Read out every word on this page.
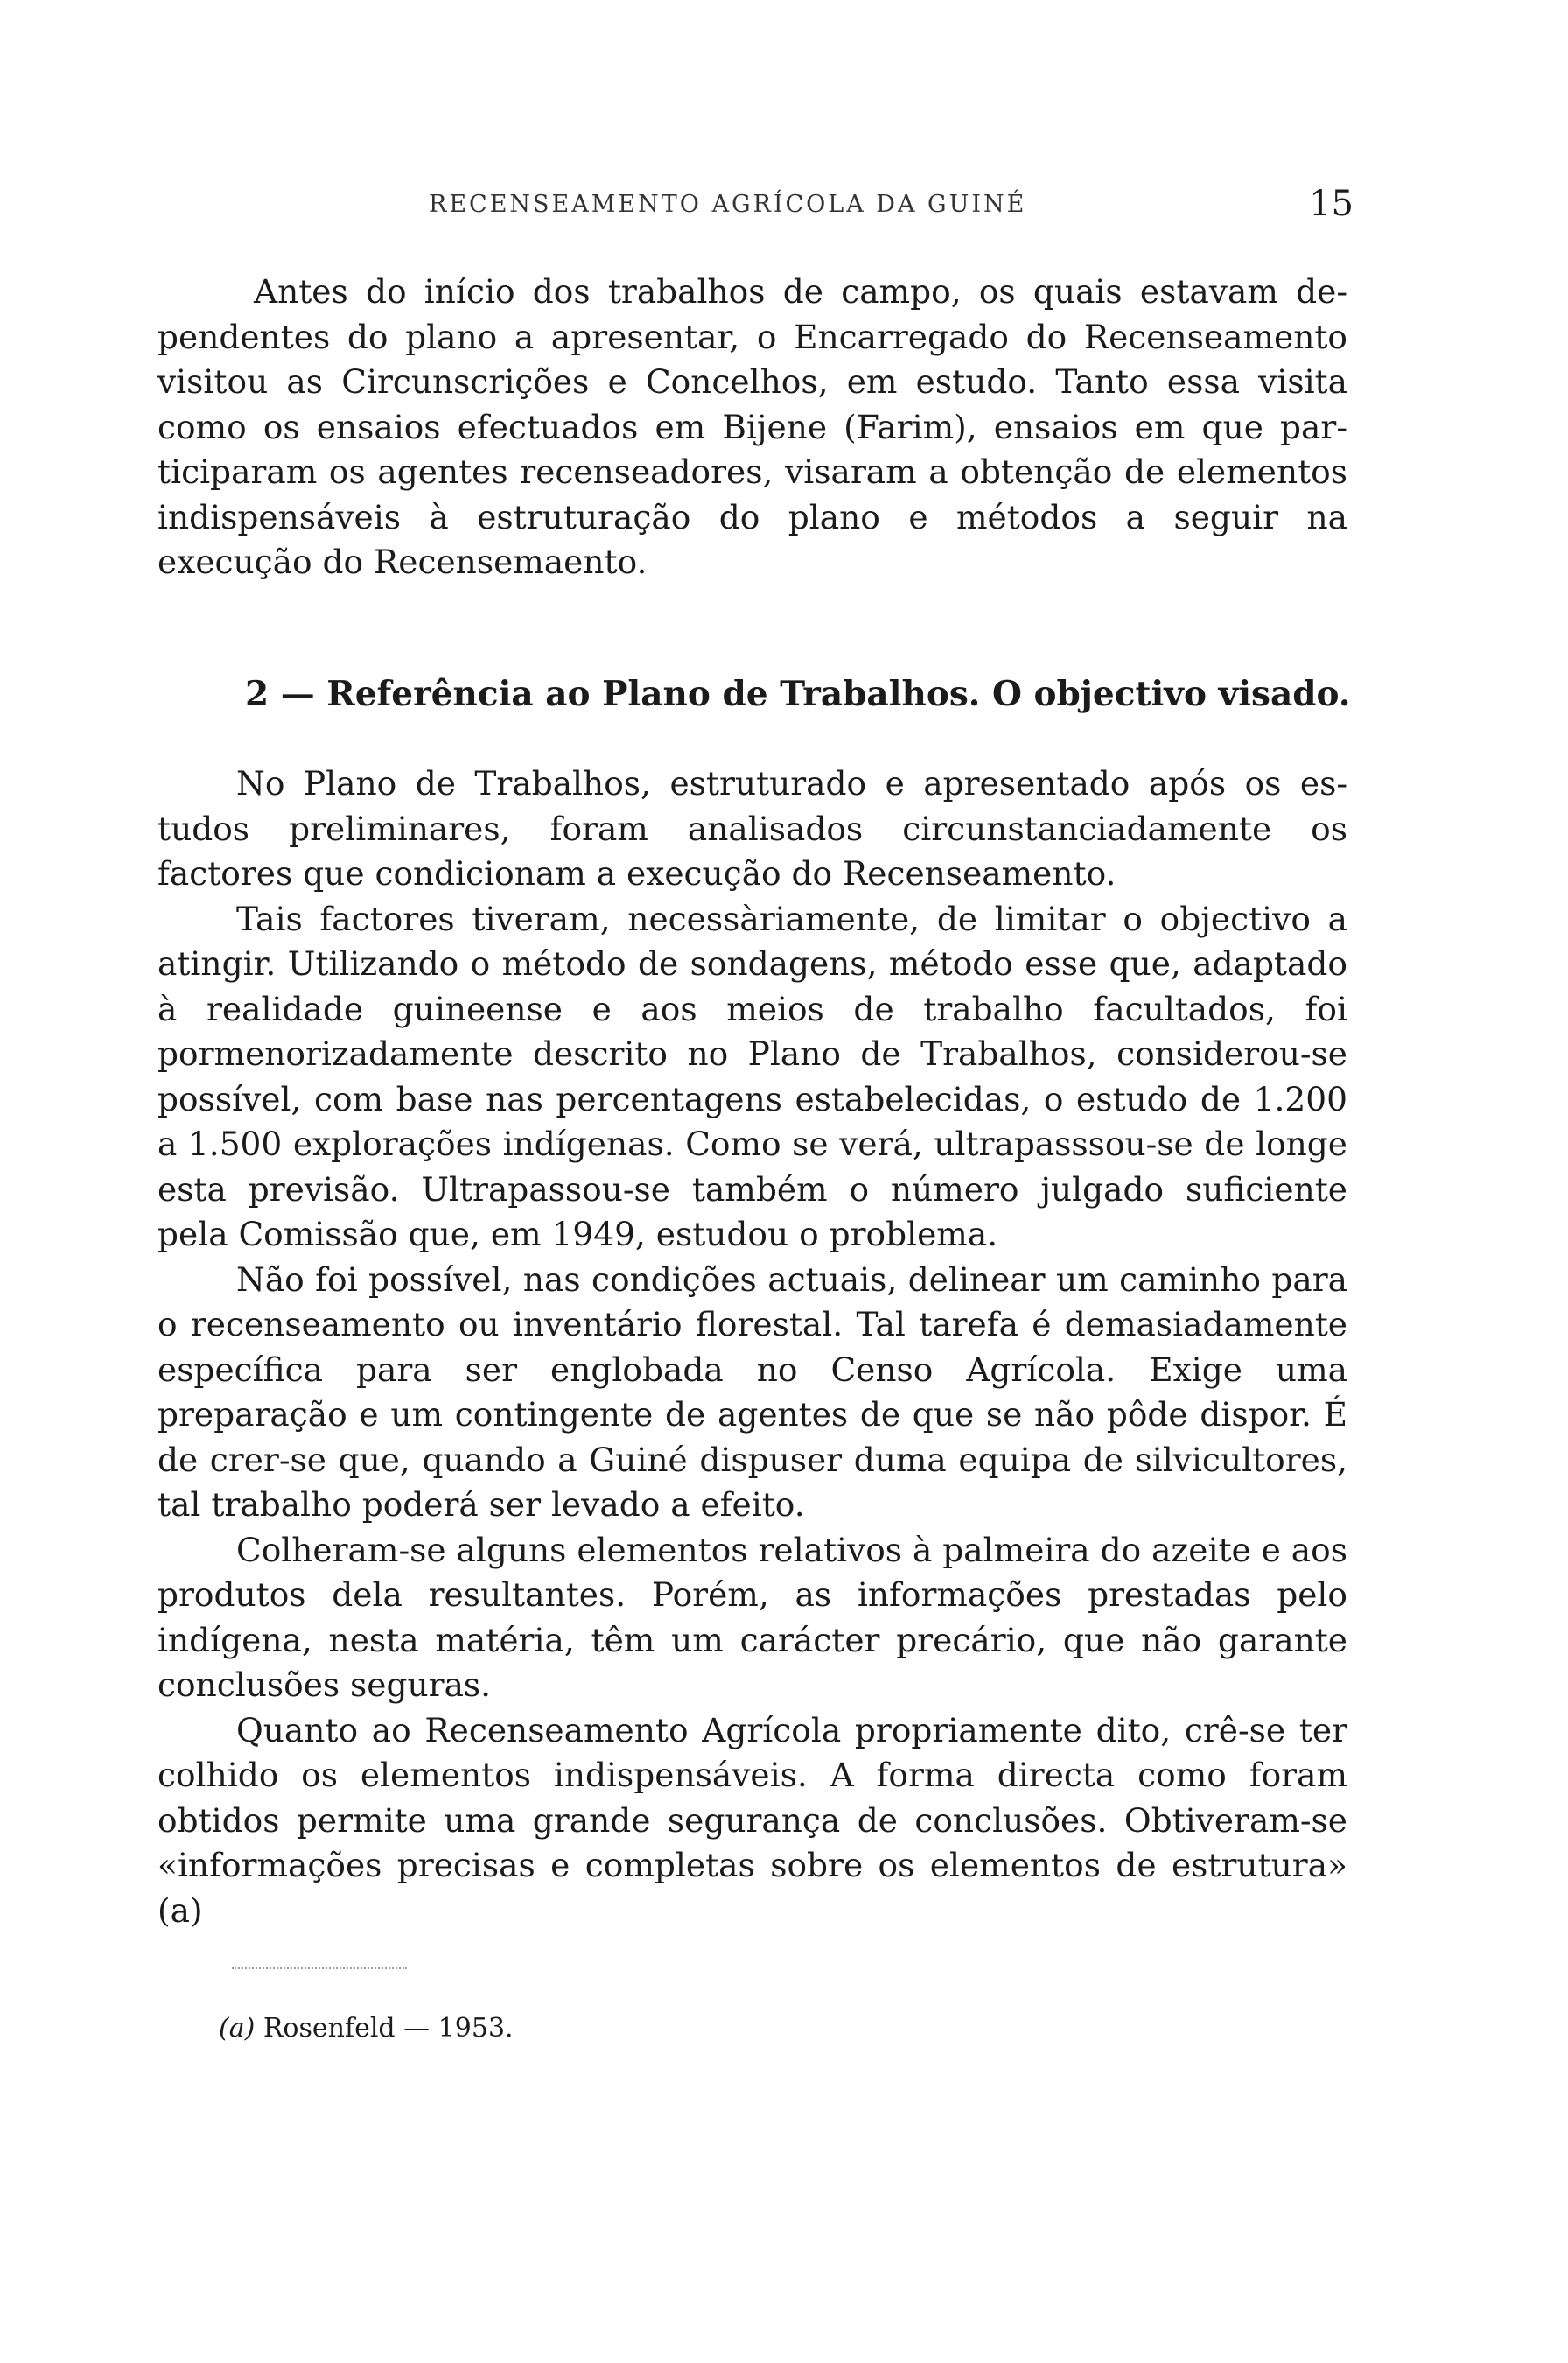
RECENSEAMENTO AGRÍCOLA DA GUINÉ	15

Antes do início dos trabalhos de campo, os quais estavam dependentes do plano a apresentar, o Encarregado do Recenseamento visitou as Circunscrições e Concelhos, em estudo. Tanto essa visita como os ensaios efectuados em Bijene (Farim), ensaios em que participaram os agentes recenseadores, visaram a obtenção de elementos indispensáveis à estruturação do plano e métodos a seguir na execução do Recensemaento.

2 — Referência ao Plano de Trabalhos. O objectivo visado.

No Plano de Trabalhos, estruturado e apresentado após os estudos preliminares, foram analisados circunstanciadamente os factores que condicionam a execução do Recenseamento.

Tais factores tiveram, necessàriamente, de limitar o objectivo a atingir. Utilizando o método de sondagens, método esse que, adaptado à realidade guineense e aos meios de trabalho facultados, foi pormenorizadamente descrito no Plano de Trabalhos, considerou-se possível, com base nas percentagens estabelecidas, o estudo de 1.200 a 1.500 explorações indígenas. Como se verá, ultrapasssou-se de longe esta previsão. Ultrapassou-se também o número julgado suficiente pela Comissão que, em 1949, estudou o problema.

Não foi possível, nas condições actuais, delinear um caminho para o recenseamento ou inventário florestal. Tal tarefa é demasiadamente específica para ser englobada no Censo Agrícola. Exige uma preparação e um contingente de agentes de que se não pôde dispor. É de crer-se que, quando a Guiné dispuser duma equipa de silvicultores, tal trabalho poderá ser levado a efeito.

Colheram-se alguns elementos relativos à palmeira do azeite e aos produtos dela resultantes. Porém, as informações prestadas pelo indígena, nesta matéria, têm um carácter precário, que não garante conclusões seguras.

Quanto ao Recenseamento Agrícola propriamente dito, crê-se ter colhido os elementos indispensáveis. A forma directa como foram obtidos permite uma grande segurança de conclusões. Obtiveram-se «informações precisas e completas sobre os elementos de estrutura» (a)

(a) Rosenfeld — 1953.
